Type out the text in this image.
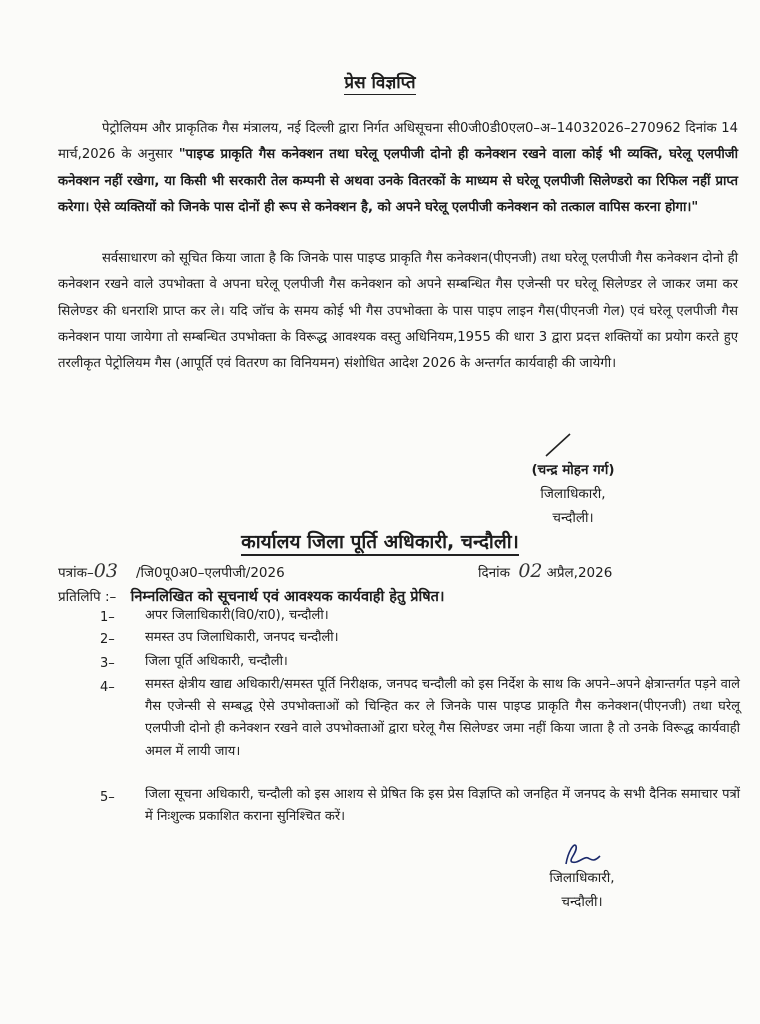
प्रेस विज्ञप्ति
पेट्रोलियम और प्राकृतिक गैस मंत्रालय, नई दिल्ली द्वारा निर्गत अधिसूचना सी0जी0डी0एल0–अ–14032026–270962 दिनांक 14 मार्च,2026 के अनुसार "पाइप्ड प्राकृति गैस कनेक्शन तथा घरेलू एलपीजी दोनो ही कनेक्शन रखने वाला कोई भी व्यक्ति, घरेलू एलपीजी कनेक्शन नहीं रखेगा, या किसी भी सरकारी तेल कम्पनी से अथवा उनके वितरकों के माध्यम से घरेलू एलपीजी सिलेण्डरो का रिफिल नहीं प्राप्त करेगा। ऐसे व्यक्तियों को जिनके पास दोनों ही रूप से कनेक्शन है, को अपने घरेलू एलपीजी कनेक्शन को तत्काल वापिस करना होगा।"
सर्वसाधारण को सूचित किया जाता है कि जिनके पास पाइप्ड प्राकृति गैस कनेक्शन(पीएनजी) तथा घरेलू एलपीजी गैस कनेक्शन दोनो ही कनेक्शन रखने वाले उपभोक्ता वे अपना घरेलू एलपीजी गैस कनेक्शन को अपने सम्बन्धित गैस एजेन्सी पर घरेलू सिलेण्डर ले जाकर जमा कर सिलेण्डर की धनराशि प्राप्त कर ले। यदि जॉच के समय कोई भी गैस उपभोक्ता के पास पाइप लाइन गैस(पीएनजी गेल) एवं घरेलू एलपीजी गैस कनेक्शन पाया जायेगा तो सम्बन्धित उपभोक्ता के विरूद्ध आवश्यक वस्तु अधिनियम,1955 की धारा 3 द्वारा प्रदत्त शक्तियों का प्रयोग करते हुए तरलीकृत पेट्रोलियम गैस (आपूर्ति एवं वितरण का विनियमन) संशोधित आदेश 2026 के अन्तर्गत कार्यवाही की जायेगी।
(चन्द्र मोहन गर्ग)
जिलाधिकारी,
चन्दौली।
कार्यालय जिला पूर्ति अधिकारी, चन्दौली।
पत्रांक–03 /जि0पू0अ0–एलपीजी/2026	दिनांक 02 अप्रैल,2026
प्रतिलिपि :– निम्नलिखित को सूचनार्थ एवं आवश्यक कार्यवाही हेतु प्रेषित।
1–	अपर जिलाधिकारी(वि0/रा0), चन्दौली।
2–	समस्त उप जिलाधिकारी, जनपद चन्दौली।
3–	जिला पूर्ति अधिकारी, चन्दौली।
4–	समस्त क्षेत्रीय खाद्य अधिकारी/समस्त पूर्ति निरीक्षक, जनपद चन्दौली को इस निर्देश के साथ कि अपने–अपने क्षेत्रान्तर्गत पड़ने वाले गैस एजेन्सी से सम्बद्ध ऐसे उपभोक्ताओं को चिन्हित कर ले जिनके पास पाइप्ड प्राकृति गैस कनेक्शन(पीएनजी) तथा घरेलू एलपीजी दोनो ही कनेक्शन रखने वाले उपभोक्ताओं द्वारा घरेलू गैस सिलेण्डर जमा नहीं किया जाता है तो उनके विरूद्ध कार्यवाही अमल में लायी जाय।
5–	जिला सूचना अधिकारी, चन्दौली को इस आशय से प्रेषित कि इस प्रेस विज्ञप्ति को जनहित में जनपद के सभी दैनिक समाचार पत्रों में निःशुल्क प्रकाशित कराना सुनिश्चित करें।
जिलाधिकारी,
चन्दौली।
